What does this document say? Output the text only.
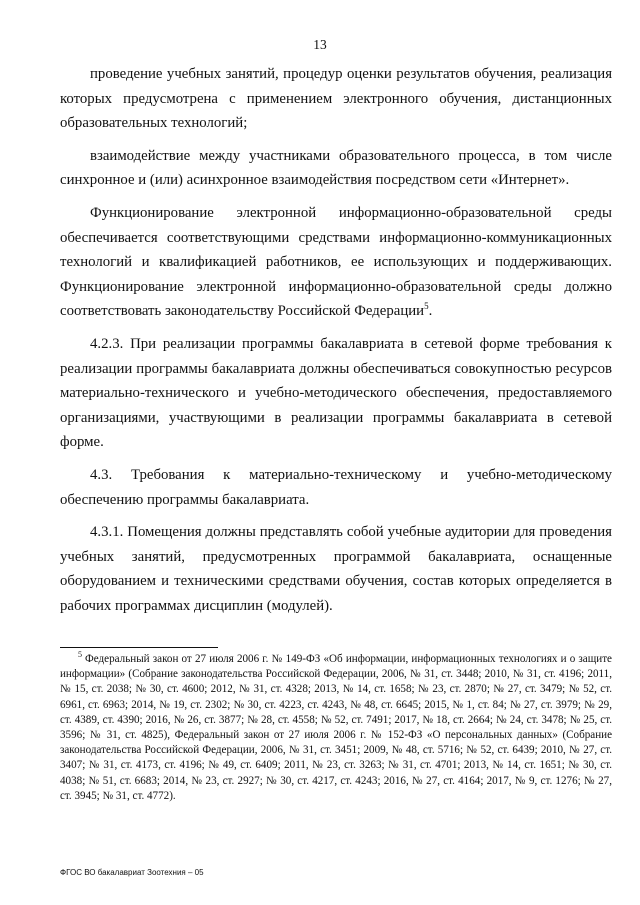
13

проведение учебных занятий, процедур оценки результатов обучения, реализация которых предусмотрена с применением электронного обучения, дистанционных образовательных технологий;

взаимодействие между участниками образовательного процесса, в том числе синхронное и (или) асинхронное взаимодействия посредством сети «Интернет».

Функционирование электронной информационно-образовательной среды обеспечивается соответствующими средствами информационно-коммуникационных технологий и квалификацией работников, ее использующих и поддерживающих. Функционирование электронной информационно-образовательной среды должно соответствовать законодательству Российской Федерации$^5$.

4.2.3. При реализации программы бакалавриата в сетевой форме требования к реализации программы бакалавриата должны обеспечиваться совокупностью ресурсов материально-технического и учебно-методического обеспечения, предоставляемого организациями, участвующими в реализации программы бакалавриата в сетевой форме.

4.3. Требования к материально-техническому и учебно-методическому обеспечению программы бакалавриата.

4.3.1. Помещения должны представлять собой учебные аудитории для проведения учебных занятий, предусмотренных программой бакалавриата, оснащенные оборудованием и техническими средствами обучения, состав которых определяется в рабочих программах дисциплин (модулей).

$^5$ Федеральный закон от 27 июля 2006 г. № 149-ФЗ «Об информации, информационных технологиях и о защите информации» (Собрание законодательства Российской Федерации, 2006, № 31, ст. 3448; 2010, № 31, ст. 4196; 2011, № 15, ст. 2038; № 30, ст. 4600; 2012, № 31, ст. 4328; 2013, № 14, ст. 1658; № 23, ст. 2870; № 27, ст. 3479; № 52, ст. 6961, ст. 6963; 2014, № 19, ст. 2302; № 30, ст. 4223, ст. 4243, № 48, ст. 6645; 2015, № 1, ст. 84; № 27, ст. 3979; № 29, ст. 4389, ст. 4390; 2016, № 26, ст. 3877; № 28, ст. 4558; № 52, ст. 7491; 2017, № 18, ст. 2664; № 24, ст. 3478; № 25, ст. 3596; № 31, ст. 4825), Федеральный закон от 27 июля 2006 г. № 152-ФЗ «О персональных данных» (Собрание законодательства Российской Федерации, 2006, № 31, ст. 3451; 2009, № 48, ст. 5716; № 52, ст. 6439; 2010, № 27, ст. 3407; № 31, ст. 4173, ст. 4196; № 49, ст. 6409; 2011, № 23, ст. 3263; № 31, ст. 4701; 2013, № 14, ст. 1651; № 30, ст. 4038; № 51, ст. 6683; 2014, № 23, ст. 2927; № 30, ст. 4217, ст. 4243; 2016, № 27, ст. 4164; 2017, № 9, ст. 1276; № 27, ст. 3945; № 31, ст. 4772).

ФГОС ВО бакалавриат Зоотехния – 05
